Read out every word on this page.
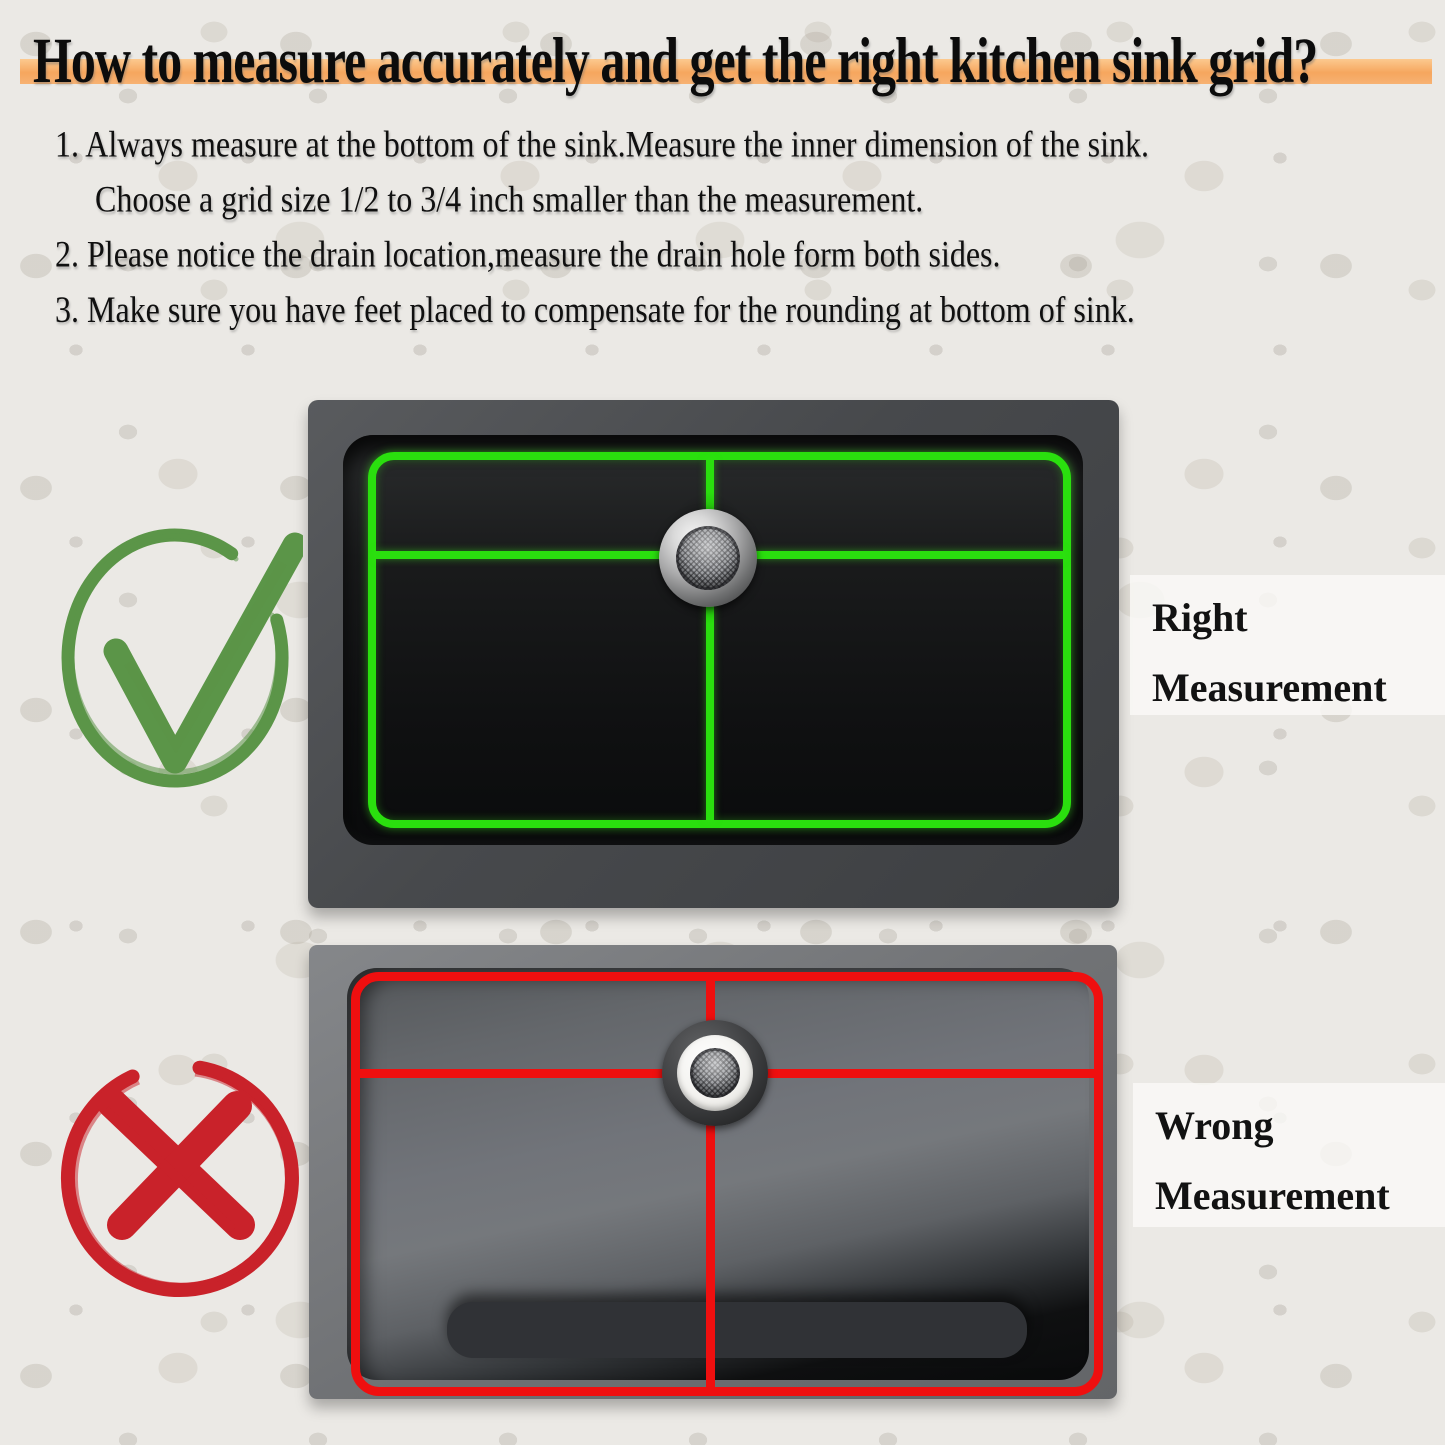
How to measure accurately and get the right kitchen sink grid?
1. Always measure at the bottom of the sink.Measure the inner dimension of the sink.
Choose a grid size 1/2 to 3/4 inch smaller than the measurement.
2. Please notice the drain location,measure the drain hole form both sides.
3. Make sure you have feet placed to compensate for the rounding at bottom of sink.
Right
Measurement
Wrong
Measurement
